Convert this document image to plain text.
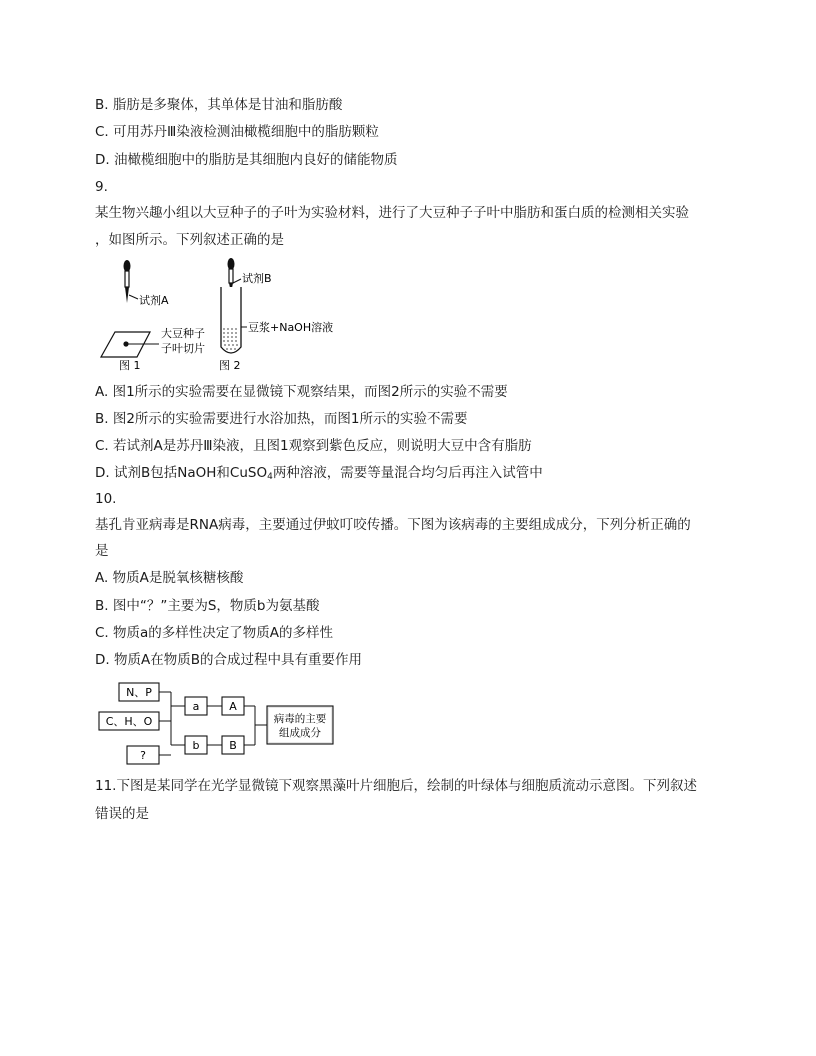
B. 脂肪是多聚体，其单体是甘油和脂肪酸
C. 可用苏丹Ⅲ染液检测油橄榄细胞中的脂肪颗粒
D. 油橄榄细胞中的脂肪是其细胞内良好的储能物质
9.
某生物兴趣小组以大豆种子的子叶为实验材料，进行了大豆种子子叶中脂肪和蛋白质的检测相关实验
，如图所示。下列叙述正确的是
试剂A
大豆种子
子叶切片
图 1
试剂B
豆浆+NaOH溶液
图 2
A. 图1所示的实验需要在显微镜下观察结果，而图2所示的实验不需要
B. 图2所示的实验需要进行水浴加热，而图1所示的实验不需要
C. 若试剂A是苏丹Ⅲ染液，且图1观察到紫色反应，则说明大豆中含有脂肪
D. 试剂B包括NaOH和CuSO$_4$两种溶液，需要等量混合均匀后再注入试管中
10.
基孔肯亚病毒是RNA病毒，主要通过伊蚊叮咬传播。下图为该病毒的主要组成成分，下列分析正确的
是
A. 物质A是脱氧核糖核酸
B. 图中“？”主要为S，物质b为氨基酸
C. 物质a的多样性决定了物质A的多样性
D. 物质A在物质B的合成过程中具有重要作用
N、P
C、H、O
?
a	A
b	B
病毒的主要
组成成分
11.下图是某同学在光学显微镜下观察黑藻叶片细胞后，绘制的叶绿体与细胞质流动示意图。下列叙述
错误的是
